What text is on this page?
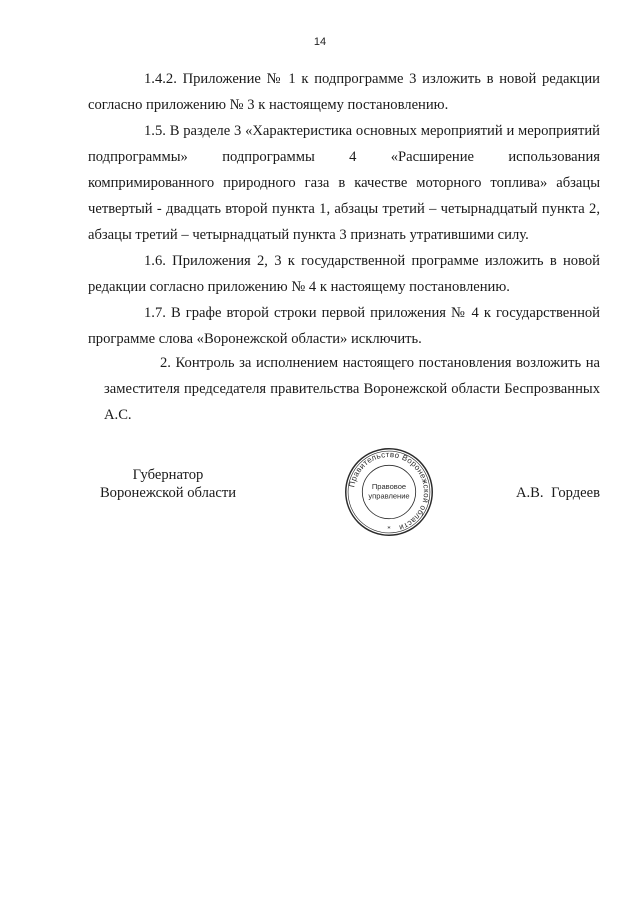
14

1.4.2. Приложение № 1 к подпрограмме 3 изложить в новой редакции согласно приложению № 3 к настоящему постановлению.

1.5. В разделе 3 «Характеристика основных мероприятий и мероприятий подпрограммы» подпрограммы 4 «Расширение использования компримированного природного газа в качестве моторного топлива» абзацы четвертый - двадцать второй пункта 1, абзацы третий – четырнадцатый пункта 2, абзацы третий – четырнадцатый пункта 3 признать утратившими силу.

1.6. Приложения 2, 3 к государственной программе изложить в новой редакции согласно приложению № 4 к настоящему постановлению.

1.7. В графе второй строки первой приложения № 4 к государственной программе слова «Воронежской области» исключить.

2. Контроль за исполнением настоящего постановления возложить на заместителя председателя правительства Воронежской области Беспрозванных А.С.

Губернатор
Воронежской области
Правительство Воронежской области
Правовое
управление
*
А.В. Гордеев
